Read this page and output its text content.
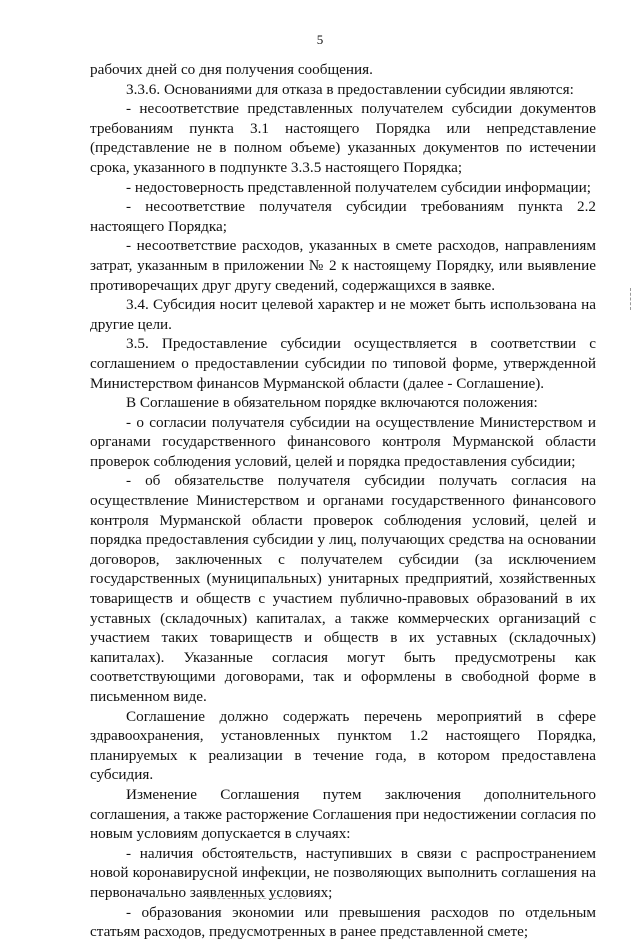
5

рабочих дней со дня получения сообщения.

3.3.6. Основаниями для отказа в предоставлении субсидии являются:

- несоответствие представленных получателем субсидии документов требованиям пункта 3.1 настоящего Порядка или непредставление (представление не в полном объеме) указанных документов по истечении срока, указанного в подпункте 3.3.5 настоящего Порядка;

- недостоверность представленной получателем субсидии информации;

- несоответствие получателя субсидии требованиям пункта 2.2 настоящего Порядка;

- несоответствие расходов, указанных в смете расходов, направлениям затрат, указанным в приложении № 2 к настоящему Порядку, или выявление противоречащих друг другу сведений, содержащихся в заявке.

3.4. Субсидия носит целевой характер и не может быть использована на другие цели.

3.5. Предоставление субсидии осуществляется в соответствии с соглашением о предоставлении субсидии по типовой форме, утвержденной Министерством финансов Мурманской области (далее - Соглашение).

В Соглашение в обязательном порядке включаются положения:

- о согласии получателя субсидии на осуществление Министерством и органами государственного финансового контроля Мурманской области проверок соблюдения условий, целей и порядка предоставления субсидии;

- об обязательстве получателя субсидии получать согласия на осуществление Министерством и органами государственного финансового контроля Мурманской области проверок соблюдения условий, целей и порядка предоставления субсидии у лиц, получающих средства на основании договоров, заключенных с получателем субсидии (за исключением государственных (муниципальных) унитарных предприятий, хозяйственных товариществ и обществ с участием публично-правовых образований в их уставных (складочных) капиталах, а также коммерческих организаций с участием таких товариществ и обществ в их уставных (складочных) капиталах). Указанные согласия могут быть предусмотрены как соответствующими договорами, так и оформлены в свободной форме в письменном виде.

Соглашение должно содержать перечень мероприятий в сфере здравоохранения, установленных пунктом 1.2 настоящего Порядка, планируемых к реализации в течение года, в котором предоставлена субсидия.

Изменение Соглашения путем заключения дополнительного соглашения, а также расторжение Соглашения при недостижении согласия по новым условиям допускается в случаях:

- наличия обстоятельств, наступивших в связи с распространением новой коронавирусной инфекции, не позволяющих выполнить соглашения на первоначально заявленных условиях;

- образования экономии или превышения расходов по отдельным статьям расходов, предусмотренных в ранее представленной смете;
